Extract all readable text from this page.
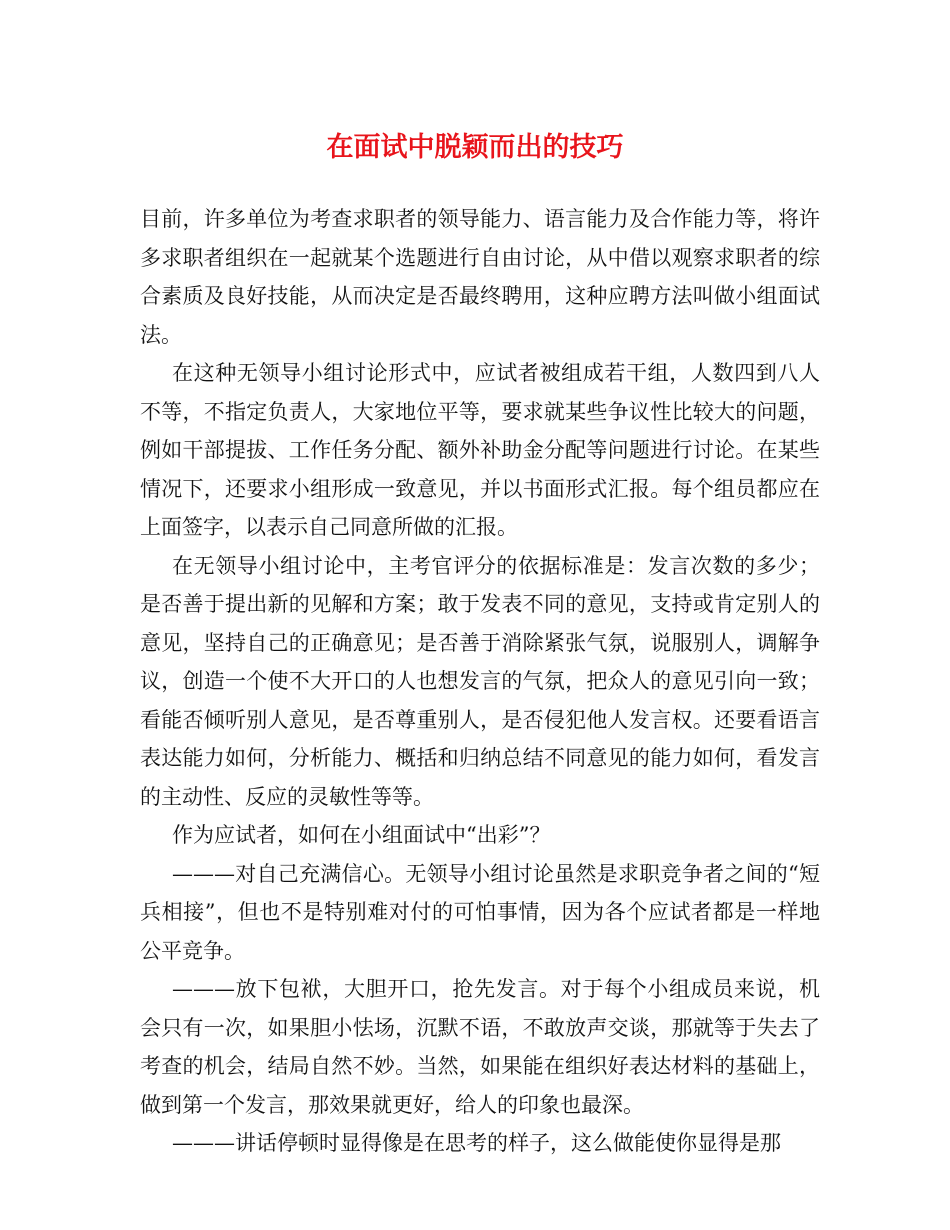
在面试中脱颖而出的技巧

目前，许多单位为考查求职者的领导能力、语言能力及合作能力等，将许多求职者组织在一起就某个选题进行自由讨论，从中借以观察求职者的综合素质及良好技能，从而决定是否最终聘用，这种应聘方法叫做小组面试法。

在这种无领导小组讨论形式中，应试者被组成若干组，人数四到八人不等，不指定负责人，大家地位平等，要求就某些争议性比较大的问题，例如干部提拔、工作任务分配、额外补助金分配等问题进行讨论。在某些情况下，还要求小组形成一致意见，并以书面形式汇报。每个组员都应在上面签字，以表示自己同意所做的汇报。

在无领导小组讨论中，主考官评分的依据标准是：发言次数的多少；是否善于提出新的见解和方案；敢于发表不同的意见，支持或肯定别人的意见，坚持自己的正确意见；是否善于消除紧张气氛，说服别人，调解争议，创造一个使不大开口的人也想发言的气氛，把众人的意见引向一致；看能否倾听别人意见，是否尊重别人，是否侵犯他人发言权。还要看语言表达能力如何，分析能力、概括和归纳总结不同意见的能力如何，看发言的主动性、反应的灵敏性等等。

作为应试者，如何在小组面试中“出彩”？

———对自己充满信心。无领导小组讨论虽然是求职竞争者之间的“短兵相接”，但也不是特别难对付的可怕事情，因为各个应试者都是一样地公平竞争。

———放下包袱，大胆开口，抢先发言。对于每个小组成员来说，机会只有一次，如果胆小怯场，沉默不语，不敢放声交谈，那就等于失去了考查的机会，结局自然不妙。当然，如果能在组织好表达材料的基础上，做到第一个发言，那效果就更好，给人的印象也最深。

———讲话停顿时显得像是在思考的样子，这么做能使你显得是那
